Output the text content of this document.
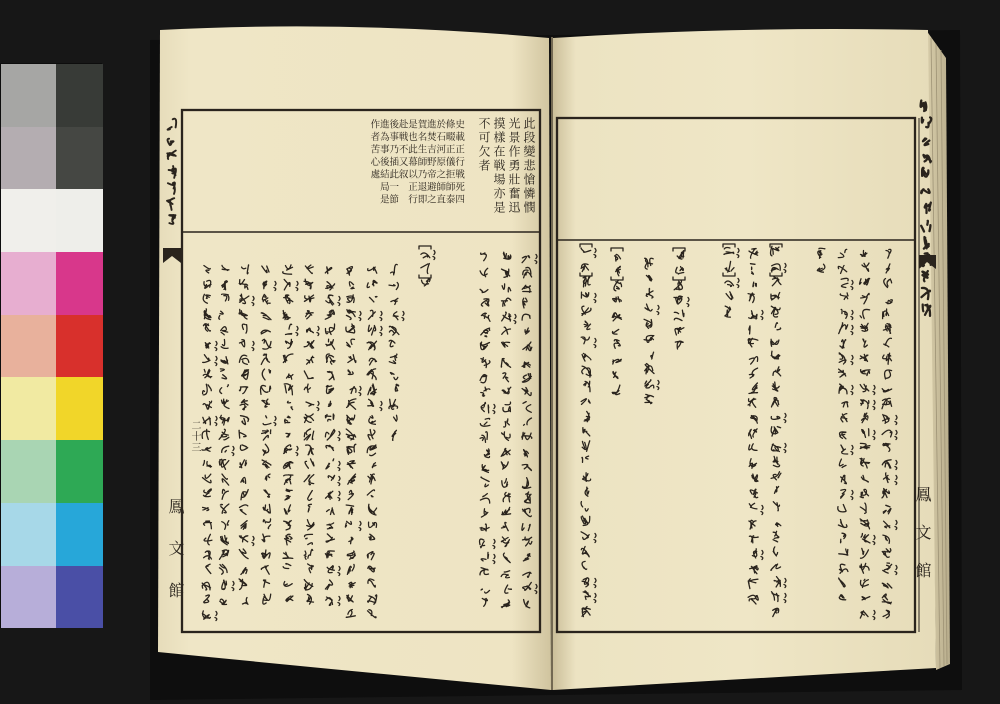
此段變悲愴憐憫
光景作勇壯奮迅
摸樣在戦場亦是
不可欠者
史載正行戦死四
條畷正儀拒師泰
於石河原之師直
進焚吉野帝避之
賀名生師乃退即
是也此幕以正行
赴戦不又叙
後事乃插此一節
進為事後結局是
作者苦心處
二十三
鳳文館	鳳文館
